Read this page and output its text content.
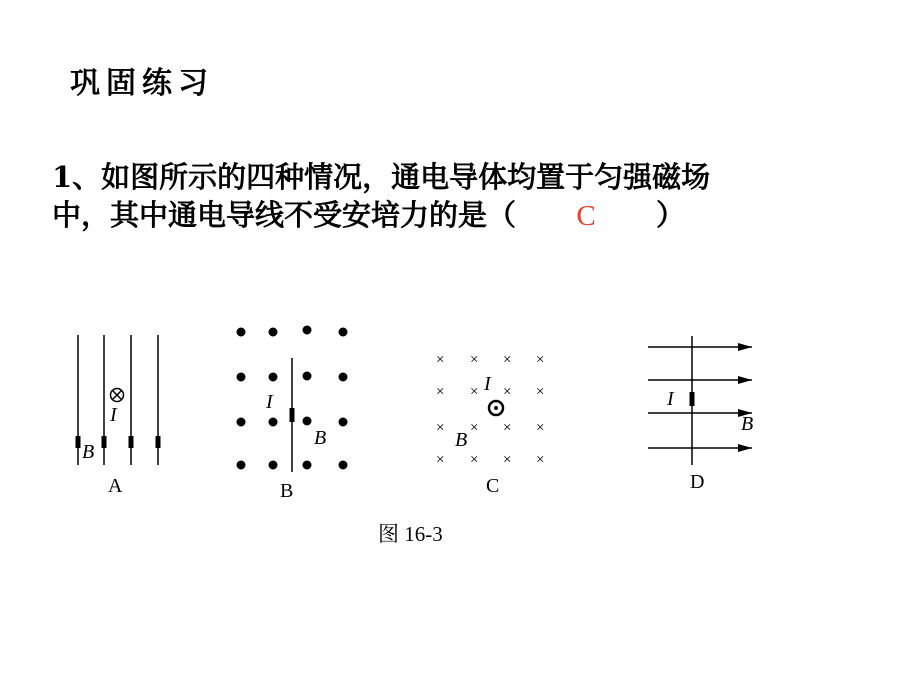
巩固练习
1、如图所示的四种情况，通电导体均置于匀强磁场
中，其中通电导线不受安培力的是（ C ）
I
B
A
I
B
B
× × × ×
× × × ×
× × × ×
× × × ×
I
B
C
I
B
D
图 16-3
